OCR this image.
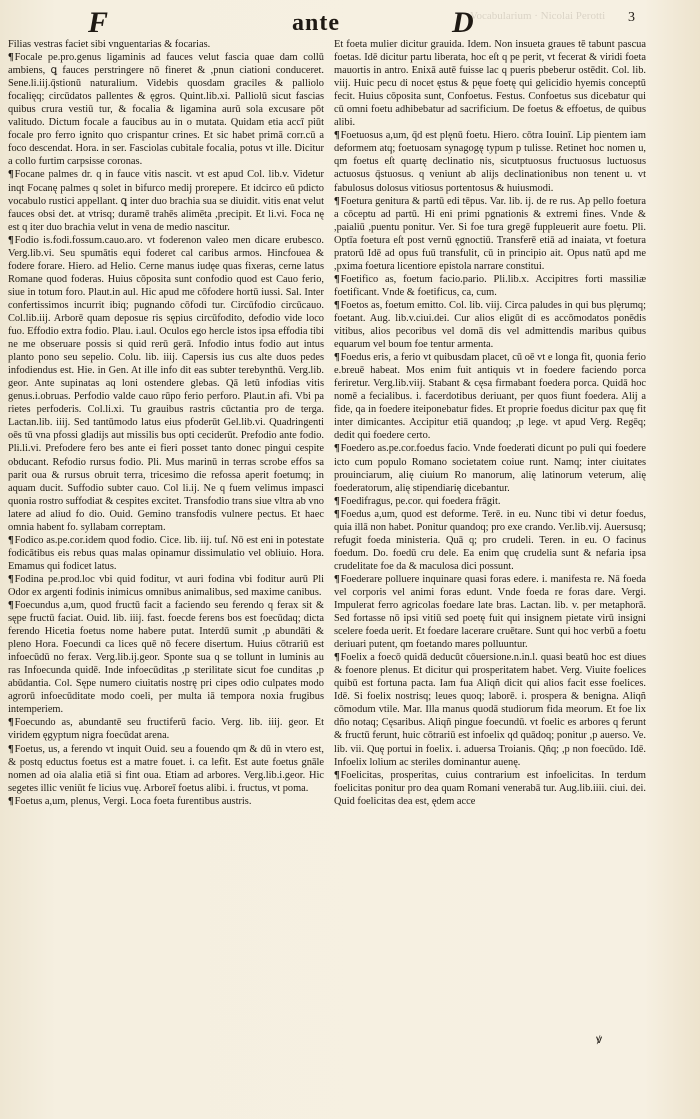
F	ante	D
Vocabularium · Nicolai Perotti	3

Filias vestras faciet sibi vnguentarias & focarias.

¶Focale pe.pro.genus ligaminis ad fauces velut fascia quae dam collū ambiens, ꝗ fauces perstringere nō fineret & ,pnun ciationi conduceret. Sene.li.iij.q̄stionū naturalium. Videbis quosdam graciles & palliolo focalięq; circūdatos pallentes & ęgros. Quint.lib.xi. Palliolū sicut fascias quibus crura vestiū tur, & focalia & ligamina aurū sola excusare pōt valitudo. Dictum focale a faucibus au in o mutata. Quidam etia accī piūt focale pro ferro ignito quo crispantur crines. Et sic habet primā corr.cū a foco descendat. Hora. in ser. Fasciolas cubitale focalia, potus vt ille. Dicitur a collo furtim carpsisse coronas.

¶Focane palmes dr. q in fauce vitis nascit. vt est apud Col. lib.v. Videtur inqt Focanę palmes q solet in bifurco medij prorepere. Et idcirco eū pdicto vocabulo rustici appellant. ꝗ inter duo brachia sua se diuidit. vitis enat velut fauces obsi det. at vtrisq; duramē trahēs alimēta ,precipit. Et li.vi. Foca nę est q iter duo brachia velut in vena de medio nascitur.

¶Fodio is.fodi.fossum.cauo.aro. vt foderenon valeo men dicare erubesco. Verg.lib.vi. Seu spumātis equi foderet cal caribus armos. Hincfouea & fodere forare. Hiero. ad Helio. Cerne manus iudęe quas fixeras, cerne latus Romane quod foderas. Huius cōposita sunt confodio quod est Cauo ferio, siue in totum foro. Plaut.in aul. Hic apud me cōfodere hortū iussi. Sal. Inter confertissimos incurrit ibiq; pugnando cōfodi tur. Circūfodio circūcauo. Col.lib.iij. Arborē quam deposue ris sępius circūfodito, defodio vide loco fuo. Effodio extra fodio. Plau. i.aul. Oculos ego hercle istos ipsa effodia tibi ne me obseruare possis si quid rerū gerā. Infodio intus fodio aut intus planto pono seu sepelio. Colu. lib. iiij. Capersis ius cus alte duos pedes infodiendus est. Hie. in Gen. At ille info dit eas subter terebynthū. Verg.lib. geor. Ante supinatas aq loni ostendere glebas. Qā letū infodias vitis genus.i.obruas. Perfodio valde cauo rūpo ferio perforo. Plaut.in afi. Vbi pa rietes perfoderis. Col.li.xi. Tu grauibus rastris cūctantia pro de terga. Lactan.lib. iiij. Sed tantūmodo latus eius pfoderūt Gel.lib.vi. Quadringenti oēs tū vna pfossi gladijs aut missilis bus opti ceciderūt. Prefodio ante fodio. Pli.li.vi. Prefodere fero bes ante ei fieri posset tanto donec pingui cespite obducant. Refodio rursus fodio. Pli. Mus marinū in terras scrobe effos sa parit oua & rursus obruit terra, tricesimo die refossa aperit foetumq; in aquam ducit. Suffodio subter cauo. Col li.ij. Ne q fuem velimus impasci quonia rostro suffodiat & cespites excitet. Transfodio trans siue vltra ab vno latere ad aliud fo dio. Ouid. Gemino transfodis vulnere pectus. Et haec omnia habent fo. syllabam correptam.

¶Fodico as.pe.cor.idem quod fodio. Cice. lib. iij. tuſ. Nō est eni in potestate fodicātibus eis rebus quas malas opinamur dissimulatio vel obliuio. Hora. Emamus qui fodicet latus.

¶Fodina pe.prod.loc vbi quid foditur, vt auri fodina vbi foditur aurū Pli Odor ex argenti fodinis inimicus omnibus animalibus, sed maxime canibus.

¶Foecundus a,um, quod fructū facit a faciendo seu ferendo q ferax sit & sępe fructū faciat. Ouid. lib. iiij. fast. foecde ferens bos est foecūdaq; dicta ferendo Hicetia foetus nome habere putat. Interdū sumit ,p abundāti & pleno Hora. Foecundi ca lices quē nō fecere disertum. Huius cōtrariū est infoecūdū no ferax. Verg.lib.ij.geor. Sponte sua q se tollunt in luminis au ras Infoecunda quidē. Inde infoecūditas ,p sterilitate sicut foe cunditas ,p abūdantia. Col. Sępe numero ciuitatis nostrę pri cipes odio culpates modo agrorū infoecūditate modo coeli, per multa iā tempora noxia frugibus intemperiem.

¶Foecundo as, abundantē seu fructiferū facio. Verg. lib. iiij. geor. Et viridem ęgyptum nigra foecūdat arena.

¶Foetus, us, a ferendo vt inquit Ouid. seu a fouendo qm & dū in vtero est, & postq eductus foetus est a matre fouet. i. ca lefit. Est aute foetus gnāle nomen ad oia alalia etiā si fint oua. Etiam ad arbores. Verg.lib.i.geor. Hic segetes illic veniūt fe licius vuę. Arboreī foetus alibi. i. fructus, vt poma.

¶Foetus a,um, plenus, Vergi. Loca foeta furentibus austris.

Et foeta mulier dicitur grauida. Idem. Non insueta graues tē tabunt pascua foetas. Idē dicitur partu liberata, hoc eſt q pe perit, vt fecerat & viridi foeta mauortis in antro. Enixā autē fuisse lac q pueris pbeberur ostēdit. Col. lib. viij. Huic pecu di nocet ęstus & pęue foetę qui gelicidio hyemis conceptū fecit. Huius cōposita sunt, Confoetus. Festus. Confoetus sus dicebatur qui cū omni foetu adhibebatur ad sacrificium. De foetus & effoetus, de quibus alibi.

¶Foetuosus a,um, q̄d est plęnū foetu. Hiero. cōtra Iouinī. Lip pientem iam deformem atq; foetuosam synagogę typum p tulisse. Retinet hoc nomen u, qm foetus eſt quartę declinatio nis, sicutptuosus fructuosus luctuosus actuosus q̄stuosus. q veniunt ab alijs declinationibus non tenent u. vt fabulosus dolosus vitiosus portentosus & huiusmodi.

¶Foetura genitura & partū edi tēpus. Var. lib. ij. de re rus. Ap pello foetura a cōceptu ad partū. Hi eni primi pgnationis & extremi fines. Vnde & ,paialiū ,puentu ponitur. Ver. Si foe tura gregē fuppleuerit aure foetu. Pli. Optīa foetura eſt post vernū ęgnoctiū. Transferē etiā ad inaiata, vt foetura pratorū Idē ad opus fuū transfulit, cū in principio ait. Opus natū apd me ,pxima foetura licentiore epistola narrare constitui.

¶Foetifico as, foetum facio.pario. Pli.lib.x. Accipitres forti massiliæ foetificant. Vnde & foetificus, ca, cum.

¶Foetos as, foetum emitto. Col. lib. viij. Circa paludes in qui bus plęrumq; foetant. Aug. lib.v.ciui.dei. Cur alios eligūt di es accōmodatos ponēdis vitibus, alios pecoribus vel domā dis vel admittendis maribus quibus equarum vel boum foe tentur armenta.

¶Foedus eris, a ferio vt quibusdam placet, cū oē vt e longa fit, quonia ferio e.breuē habeat. Mos enim fuit antiquis vt in foedere faciendo porca feriretur. Verg.lib.viij. Stabant & cęsa firmabant foedera porca. Quidā hoc nomē a fecialibus. i. facerdotibus deriuant, per quos fiunt foedera. Alij a fide, qa in foedere iteiponebatur fides. Et proprie foedus dicitur pax quę fit inter dimicantes. Accipitur etiā quandoq; ,p lege. vt apud Verg. Regēq; dedit qui foedere certo.

¶Foedero as.pe.cor.foedus facio. Vnde foederati dicunt po puli qui foedere icto cum populo Romano societatem coiue runt. Namq; inter ciuitates prouinciarum, alię ciuium Ro manorum, alię latinorum veterum, alię foederatorum, alię stipendiarię dicebantur.

¶Foedifragus, pe.cor. qui foedera frāgit.

¶Foedus a,um, quod est deforme. Terē. in eu. Nunc tibi vi detur foedus, quia illā non habet. Ponitur quandoq; pro exe crando. Ver.lib.vij. Auersusq; refugit foeda ministeria. Quā q; pro crudeli. Teren. in eu. O facinus foedum. Do. foedū cru dele. Ea enim quę crudelia sunt & nefaria ipsa crudelitate foe da & maculosa dici possunt.

¶Foederare polluere inquinare quasi foras edere. i. manifesta re. Nā foeda vel corporis vel animi foras edunt. Vnde foeda re foras dare. Vergi. Impulerat ferro agricolas foedare late bras. Lactan. lib. v. per metaphorā. Sed fortasse nō ipsi vitiū sed poetę fuit qui insignem pietate virū insigni scelere foeda uerit. Et foedare lacerare cruētare. Sunt qui hoc verbū a foetu deriuari putent, qm foetando mares polluuntur.

¶Foelix a foecō quidā deducūt cōuersione.n.in.l. quasi beatū hoc est diues & foenore plenus. Et dicitur qui prosperitatem habet. Verg. Viuite foelices quibū est fortuna pacta. Iam fua Aliqñ dicit qui alios facit esse foelices. Idē. Si foelix nostrisq; leues quoq; laborē. i. prospera & benigna. Aliqñ cōmodum vtile. Mar. Illa manus quodā studiorum fida meorum. Et foe lix dño notaq; Cęsaribus. Aliqñ pingue foecundū. vt foelic es arbores q ferunt & fructū ferunt, huic cōtrariū est infoelix qd quādoq; ponitur ,p auerso. Ve. lib. vii. Quę portui in foelix. i. aduersa Troianis. Qñq; ,p non foecūdo. Idē. Infoelix lolium ac steriles dominantur auenę.

¶Foelicitas, prosperitas, cuius contrarium est infoelicitas. In terdum foelicitas ponitur pro dea quam Romani venerabā tur. Aug.lib.iiii. ciui. dei. Quid foelicitas dea est, ędem acce

ꝟ
